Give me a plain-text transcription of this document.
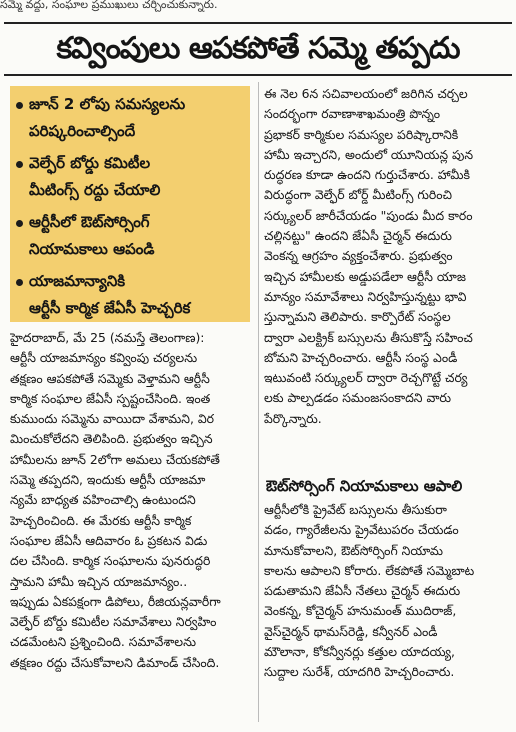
సమ్మె వద్దు, సంఘాల ప్రముఖులు చర్చించుకున్నారు.
కవ్వింపులు ఆపకపోతే సమ్మె తప్పదు
జూన్ 2 లోపు సమస్యలను
పరిష్కరించాల్సిందే
వెల్ఫేర్ బోర్డు కమిటీల
మీటింగ్స్ రద్దు చేయాలి
ఆర్టీసీలో ఔట్‌సోర్సింగ్
నియామకాలు ఆపండి
యాజమాన్యానికి
ఆర్టీసీ కార్మిక జేఏసీ హెచ్చరిక
హైదరాబాద్, మే 25 (నమస్తే తెలంగాణ):
ఆర్టీసీ యాజమాన్యం కవ్వింపు చర్యలను
తక్షణం ఆపకపోతే సమ్మెకు వెళ్తామని ఆర్టీసీ
కార్మిక సంఘాల జేఏసీ స్పష్టంచేసింది. ఇంత
కుముందు సమ్మెను వాయిదా వేశామని, విర
మించుకోలేదని తెలిపింది. ప్రభుత్వం ఇచ్చిన
హామీలను జూన్ 2లోగా అమలు చేయకపోతే
సమ్మె తప్పదని, ఇందుకు ఆర్టీసీ యాజమా
న్యమే బాధ్యత వహించాల్సి ఉంటుందని
హెచ్చరించింది. ఈ మేరకు ఆర్టీసీ కార్మిక
సంఘాల జేఏసీ ఆదివారం ఓ ప్రకటన విడు
దల చేసింది. కార్మిక సంఘాలను పునరుద్ధరి
స్తామని హామీ ఇచ్చిన యాజమాన్యం..
ఇప్పుడు ఏకపక్షంగా డిపోలు, రీజియన్లవారీగా
వెల్ఫేర్ బోర్డు కమిటీల సమావేశాలు నిర్వహిం
చడమేంటని ప్రశ్నించింది. సమావేశాలను
తక్షణం రద్దు చేసుకోవాలని డిమాండ్ చేసింది.
ఈ నెల 6న సచివాలయంలో జరిగిన చర్చల
సందర్భంగా రవాణాశాఖమంత్రి పొన్నం
ప్రభాకర్ కార్మికుల సమస్యల పరిష్కారానికి
హామీ ఇచ్చారని, అందులో యూనియన్ల పున
రుద్ధరణ కూడా ఉందని గుర్తుచేశారు. హామీకి
విరుద్ధంగా వెల్ఫేర్ బోర్డ్ మీటింగ్స్ గురించి
సర్క్యులర్ జారీచేయడం "పుండు మీద కారం
చల్లినట్టు" ఉందని జేఏసీ చైర్మన్ ఈదురు
వెంకన్న ఆగ్రహం వ్యక్తంచేశారు. ప్రభుత్వం
ఇచ్చిన హామీలకు అడ్డుపడేలా ఆర్టీసీ యాజ
మాన్యం సమావేశాలు నిర్వహిస్తున్నట్టు భావి
స్తున్నామని తెలిపారు. కార్పొరేట్ సంస్థల
ద్వారా ఎలక్ట్రిక్ బస్సులను తీసుకొస్తే సహించ
బోమని హెచ్చరించారు. ఆర్టీసీ సంస్థ ఎండీ
ఇటువంటి సర్క్యులర్ ద్వారా రెచ్చగొట్టే చర్య
లకు పాల్పడడం సమంజసంకాదని వారు
పేర్కొన్నారు.
ఔట్‌సోర్సింగ్ నియామకాలు ఆపాలి
ఆర్టీసీలోకి ప్రైవేట్ బస్సులను తీసుకురా
వడం, గ్యారేజీలను ప్రైవేటుపరం చేయడం
మానుకోవాలని, ఔట్‌సోర్సింగ్ నియామ
కాలను ఆపాలని కోరారు. లేకపోతే సమ్మెబాట
పడుతామని జేఏసీ నేతలు చైర్మన్ ఈదురు
వెంకన్న, కోచైర్మన్ హనుమంత్ ముదిరాజ్,
వైస్‌చైర్మన్ థామస్‌రెడ్డి, కన్వీనర్ ఎండీ
మౌలానా, కోకన్వీనర్లు కత్తుల యాదయ్య,
సుద్దాల సురేశ్, యాదగిరి హెచ్చరించారు.
